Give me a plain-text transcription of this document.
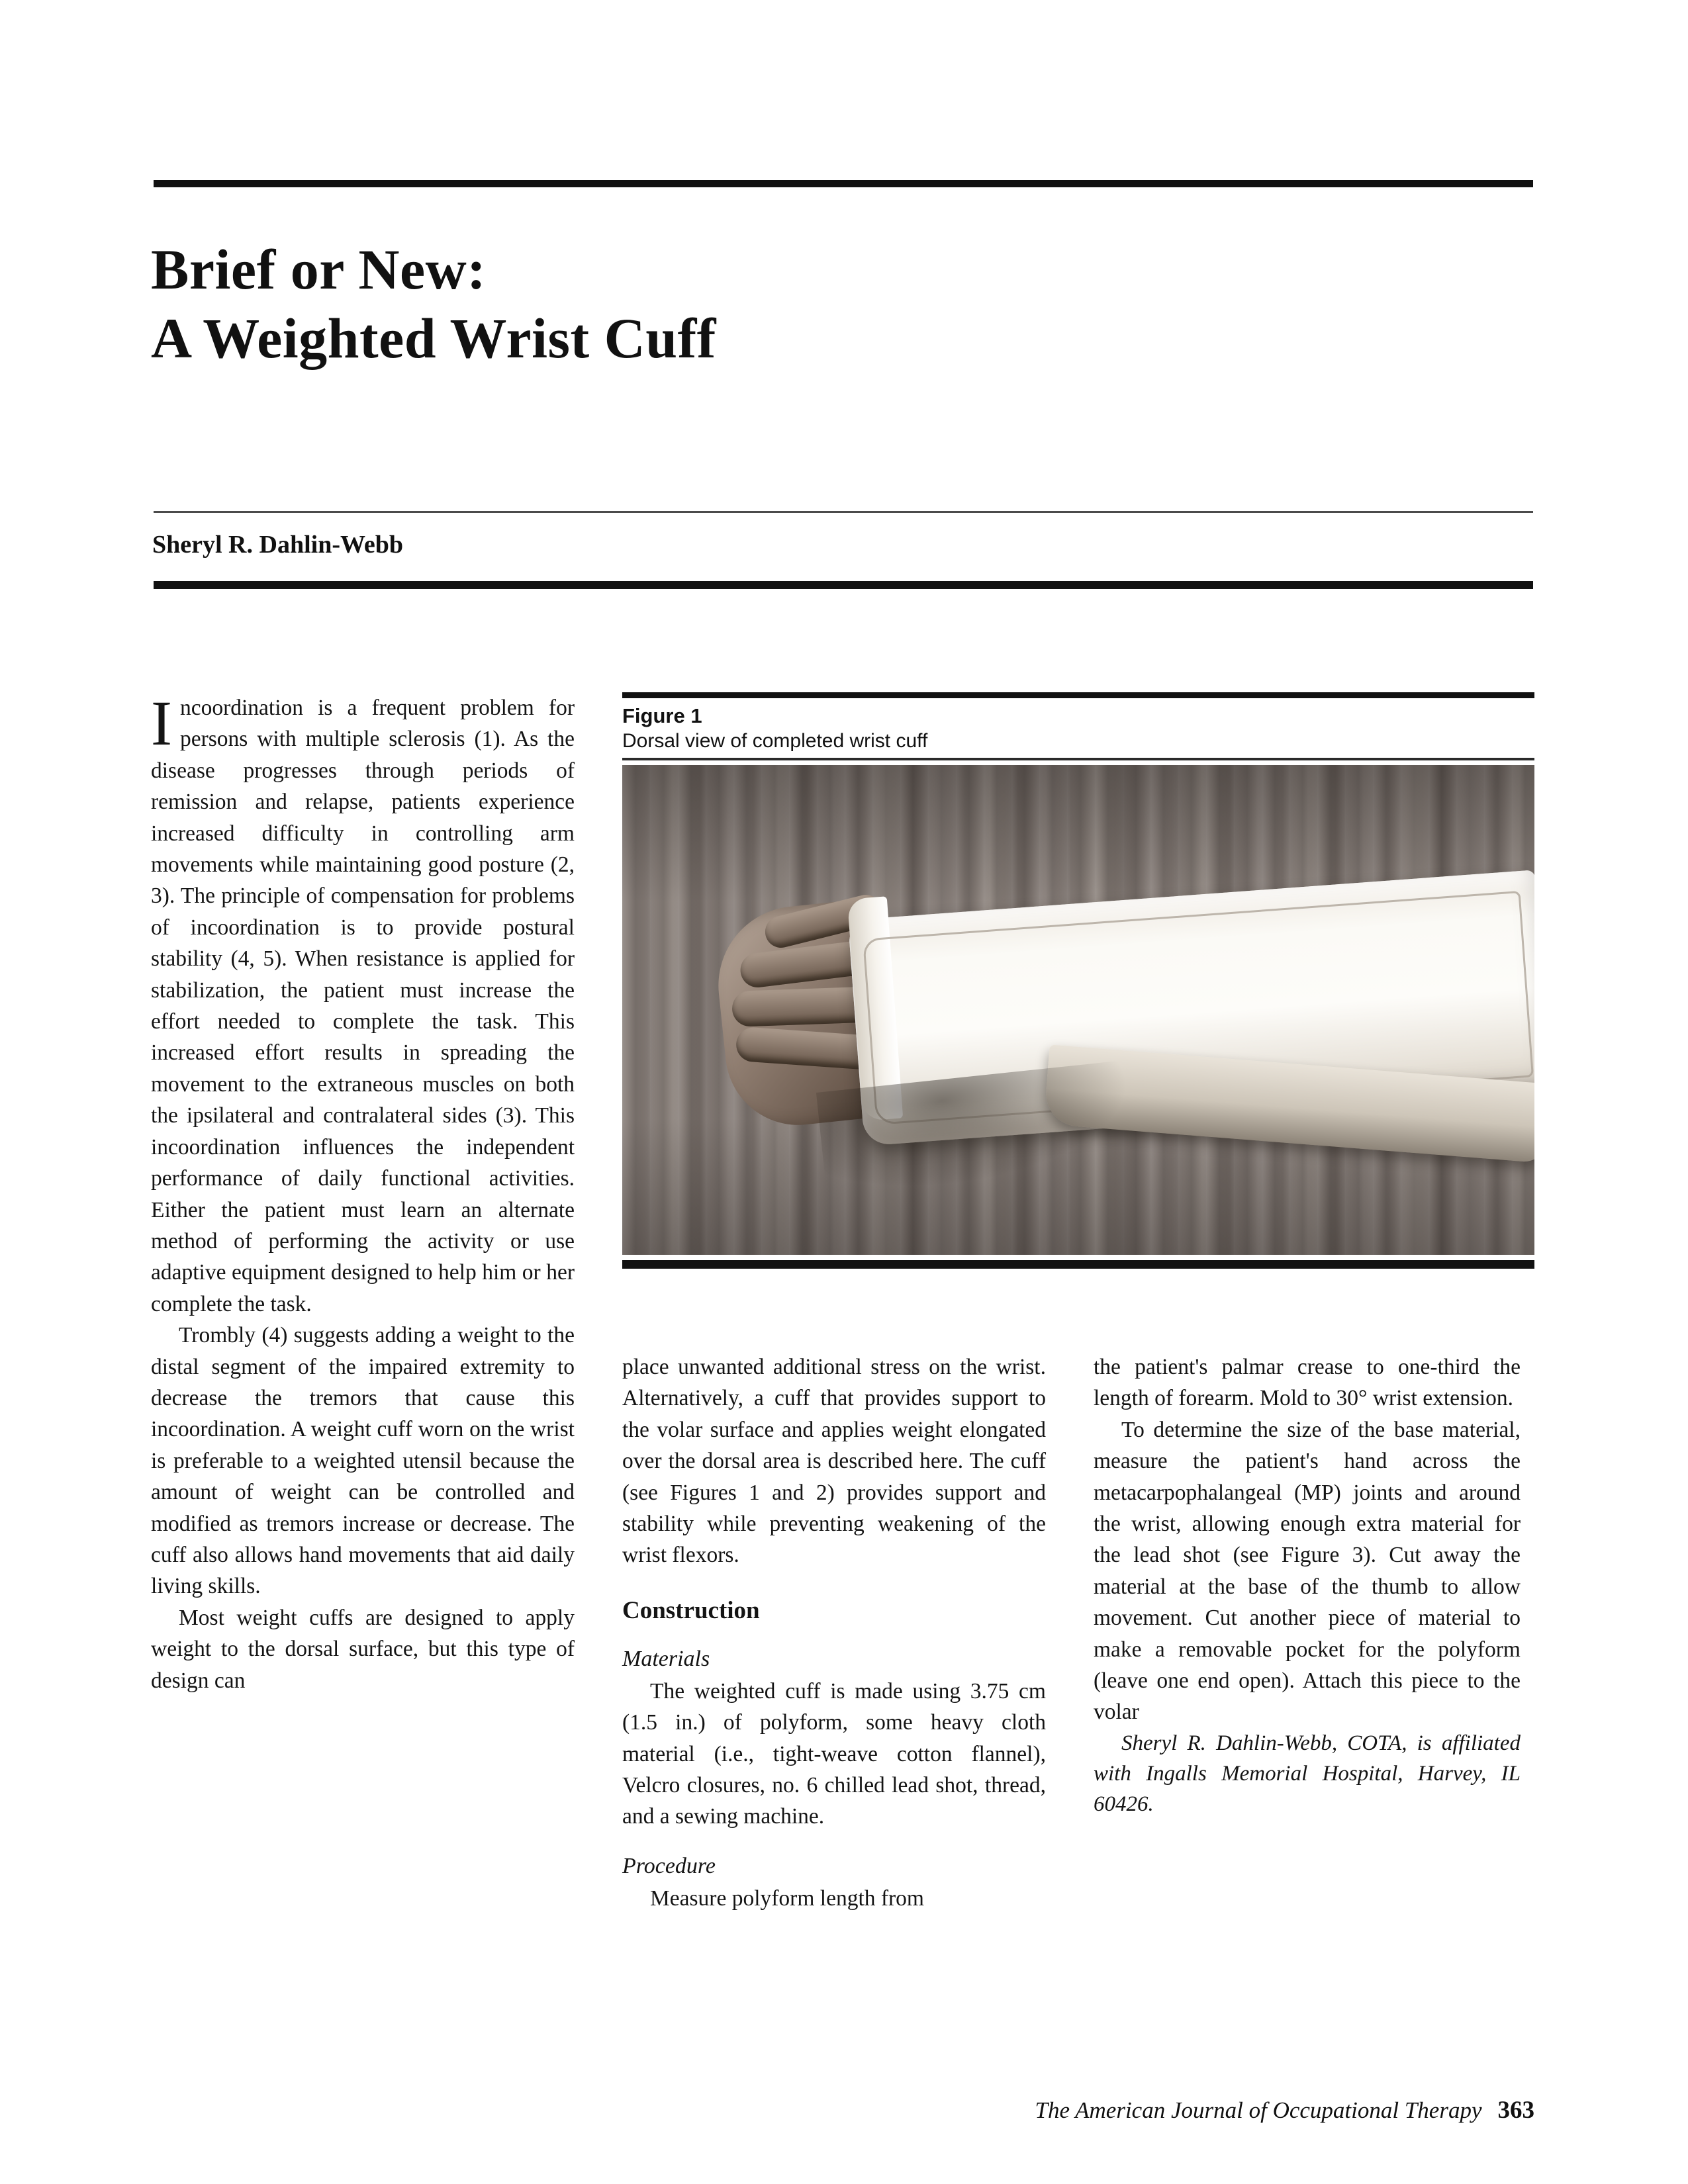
Brief or New:
A Weighted Wrist Cuff
Sheryl R. Dahlin-Webb

Incoordination is a frequent problem for persons with multiple sclerosis (1). As the disease progresses through periods of remission and relapse, patients experience increased difficulty in controlling arm movements while maintaining good posture (2, 3). The principle of compensation for problems of incoordination is to provide postural stability (4, 5). When resistance is applied for stabilization, the patient must increase the effort needed to complete the task. This increased effort results in spreading the movement to the extraneous muscles on both the ipsilateral and contralateral sides (3). This incoordination influences the independent performance of daily functional activities. Either the patient must learn an alternate method of performing the activity or use adaptive equipment designed to help him or her complete the task.

Trombly (4) suggests adding a weight to the distal segment of the impaired extremity to decrease the tremors that cause this incoordination. A weight cuff worn on the wrist is preferable to a weighted utensil because the amount of weight can be controlled and modified as tremors increase or decrease. The cuff also allows hand movements that aid daily living skills.

Most weight cuffs are designed to apply weight to the dorsal surface, but this type of design can

Figure 1
Dorsal view of completed wrist cuff

place unwanted additional stress on the wrist. Alternatively, a cuff that provides support to the volar surface and applies weight elongated over the dorsal area is described here. The cuff (see Figures 1 and 2) provides support and stability while preventing weakening of the wrist flexors.

Construction
Materials

The weighted cuff is made using 3.75 cm (1.5 in.) of polyform, some heavy cloth material (i.e., tight-weave cotton flannel), Velcro closures, no. 6 chilled lead shot, thread, and a sewing machine.

Procedure

Measure polyform length from

the patient's palmar crease to one-third the length of forearm. Mold to 30° wrist extension.

To determine the size of the base material, measure the patient's hand across the metacarpophalangeal (MP) joints and around the wrist, allowing enough extra material for the lead shot (see Figure 3). Cut away the material at the base of the thumb to allow movement. Cut another piece of material to make a removable pocket for the polyform (leave one end open). Attach this piece to the volar

Sheryl R. Dahlin-Webb, COTA, is affiliated with Ingalls Memorial Hospital, Harvey, IL 60426.

The American Journal of Occupational Therapy 363
